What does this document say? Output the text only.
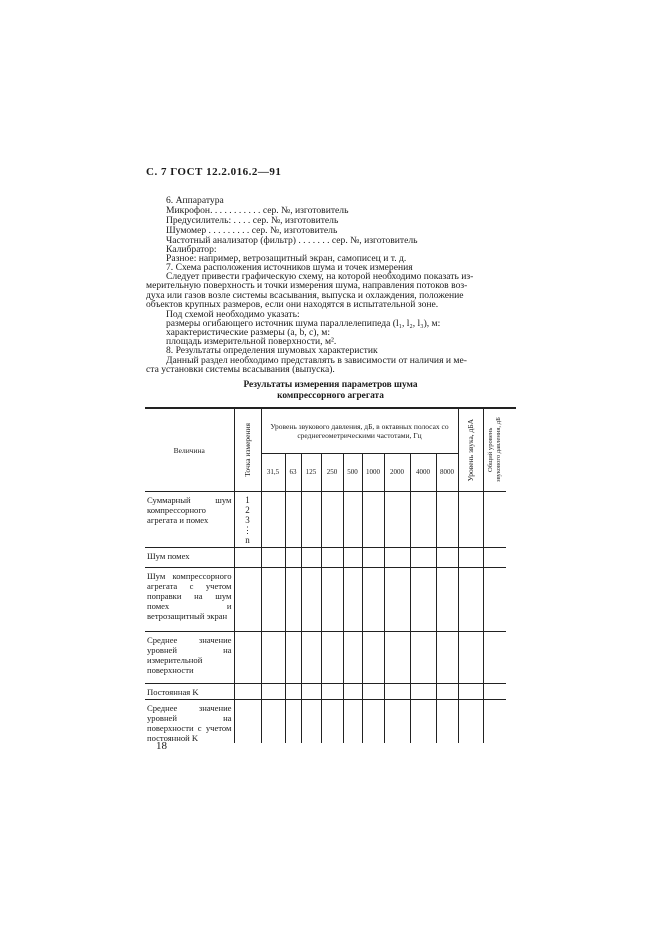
С. 7 ГОСТ 12.2.016.2—91
6. Аппаратура
Микрофон. . . . . . . . . . . сер. №, изготовитель
Предусилитель: . . . . сер. №, изготовитель
Шумомер . . . . . . . . . сер. №, изготовитель
Частотный анализатор (фильтр) . . . . . . . сер. №, изготовитель
Калибратор:
Разное: например, ветрозащитный экран, самописец и т. д.
7. Схема расположения источников шума и точек измерения
Следует привести графическую схему, на которой необходимо показать из-
мерительную поверхность и точки измерения шума, направления потоков воз-
духа или газов возле системы всасывания, выпуска и охлаждения, положение
объектов крупных размеров, если они находятся в испытательной зоне.
Под схемой необходимо указать:
размеры огибающего источник шума параллелепипеда (l₁, l₂, l₃), м:
характеристические размеры (a, b, c), м:
площадь измерительной поверхности, м².
8. Результаты определения шумовых характеристик
Данный раздел необходимо представлять в зависимости от наличия и ме-
ста установки системы всасывания (выпуска).
Результаты измерения параметров шума
компрессорного агрегата
Величина	Точка измерения	Уровень звукового давления, дБ, в октавных полосах со среднегеометрическими частотами, Гц									Уровень звука, дБА	Общий уровень звукового давления, дБ

		31,5	63	125	250	500	1000	2000	4000	8000		
Суммарный шум компрессорного агрегата и помех	1
2
3
⋮
n											

Шум помех												
Шум компрессорного агрегата с учетом поправки на шум помех и ветрозащитный экран												
Среднее значение уровней на измерительной поверхности												
Постоянная K												
Среднее значение уровней на поверхности с учетом постоянной K												
18
